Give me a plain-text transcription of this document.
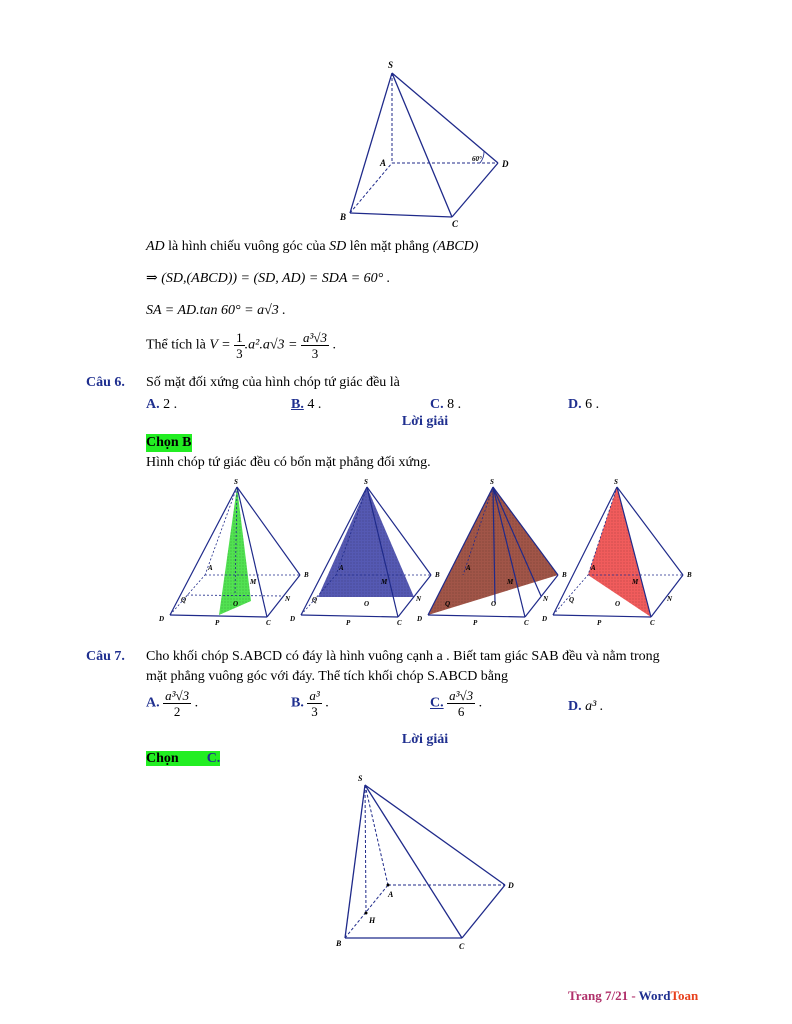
S
A
B
C
D
60°
AD là hình chiếu vuông góc của SD lên mặt phẳng (ABCD)
⇒ (SD,(ABCD)) = (SD, AD) = SDA = 60° .
SA = AD.tan 60° = a√3 .
Thể tích là $V = \frac{1}{3} .a^2.a√3 = \frac{\text{a³√3}}{3}$ .
Câu 6. Số mặt đối xứng của hình chóp tứ giác đều là
A. 2 .	B. 4 .	C. 8 .	D. 6 .
Lời giải
Chọn B
Hình chóp tứ giác đều có bốn mặt phẳng đối xứng.
S
A
B
C
D
M
N
O
P
Q
S
A
B
C
D
M
N
O
P
Q
S
A
B
C
D
M
N
O
P
Q
S
A
B
C
D
M
N
O
P
Q
Câu 7. Cho khối chóp S.ABCD có đáy là hình vuông cạnh a . Biết tam giác SAB đều và nằm trong
mặt phẳng vuông góc với đáy. Thể tích khối chóp S.ABCD bằng
A. $\frac{\text{a³√3}}{2}$ .	B. $\frac{\text{a³}}{3}$ .	C. $\frac{\text{a³√3}}{6}$ .	D. a³ .
Lời giải
Chọn C.
S
A
B	C
D
H
Trang 7/21 - WordToan
